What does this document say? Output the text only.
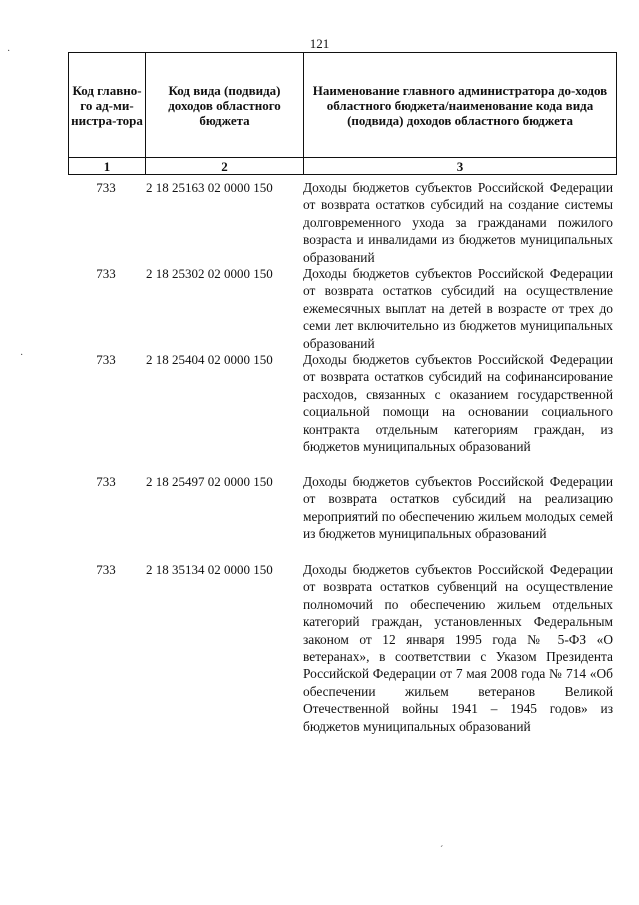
121
Код главно-го ад-ми-нистра-тора	Код вида (подвида) доходов областного бюджета	Наименование главного администратора до-ходов областного бюджета/наименование кода вида (подвида) доходов областного бюджета
1	2	3
733	2 18 25163 02 0000 150	Доходы бюджетов субъектов Российской Федерации от возврата остатков субсидий на создание системы долговременного ухода за гражданами пожилого возраста и инвалидами из бюджетов муниципальных образований
733	2 18 25302 02 0000 150	Доходы бюджетов субъектов Российской Федерации от возврата остатков субсидий на осуществление ежемесячных выплат на детей в возрасте от трех до семи лет включительно из бюджетов муниципальных образований
733	2 18 25404 02 0000 150	Доходы бюджетов субъектов Российской Федерации от возврата остатков субсидий на софинансирование расходов, связанных с оказанием государственной социальной помощи на основании социального контракта отдельным категориям граждан, из бюджетов муниципальных образований
733	2 18 25497 02 0000 150	Доходы бюджетов субъектов Российской Федерации от возврата остатков субсидий на реализацию мероприятий по обеспечению жильем молодых семей из бюджетов муниципальных образований
733	2 18 35134 02 0000 150	Доходы бюджетов субъектов Российской Федерации от возврата остатков субвенций на осуществление полномочий по обеспечению жильем отдельных категорий граждан, установленных Федеральным законом от 12 января 1995 года № 5-ФЗ «О ветеранах», в соответствии с Указом Президента Российской Федерации от 7 мая 2008 года № 714 «Об обеспечении жильем ветеранов Великой Отечественной войны 1941 – 1945 годов» из бюджетов муниципальных образований
·
·
ˊ
